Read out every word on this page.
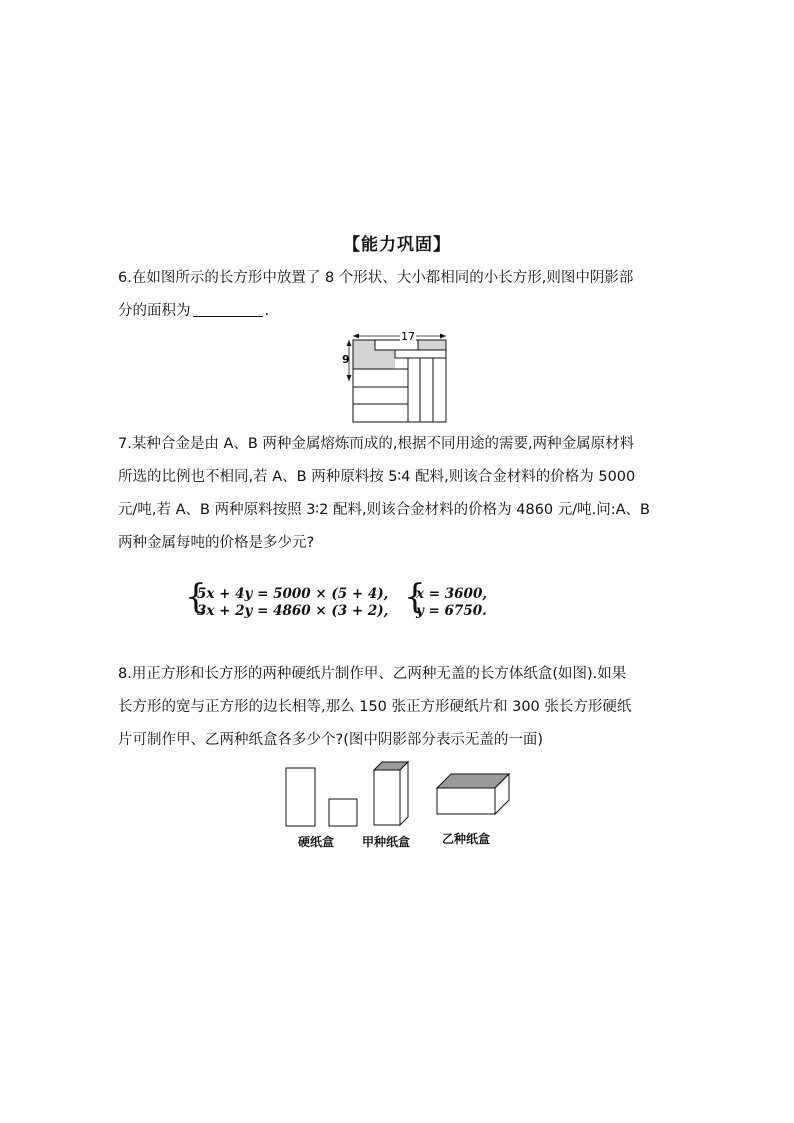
【能力巩固】
6.在如图所示的长方形中放置了 8 个形状、大小都相同的小长方形,则图中阴影部
分的面积为	.
17
9
7.某种合金是由 A、B 两种金属熔炼而成的,根据不同用途的需要,两种金属原材料
所选的比例也不相同,若 A、B 两种原料按 5∶4 配料,则该合金材料的价格为 5000
元/吨,若 A、B 两种原料按照 3∶2 配料,则该合金材料的价格为 4860 元/吨.问:A、B
两种金属每吨的价格是多少元?
{
5x + 4y = 5000 × (5 + 4),
3x + 2y = 4860 × (3 + 2), {
x = 3600,
y = 6750.
8.用正方形和长方形的两种硬纸片制作甲、乙两种无盖的长方体纸盒(如图).如果
长方形的宽与正方形的边长相等,那么 150 张正方形硬纸片和 300 张长方形硬纸
片可制作甲、乙两种纸盒各多少个?(图中阴影部分表示无盖的一面)
硬纸盒 甲种纸盒	乙种纸盒
